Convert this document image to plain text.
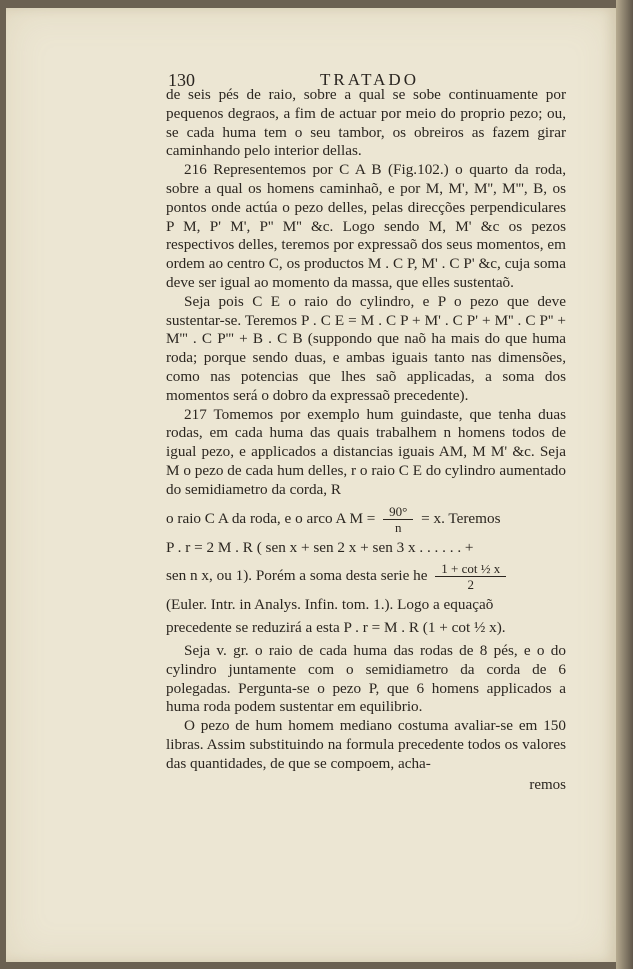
130	TRATADO

de seis pés de raio, sobre a qual se sobe continuamente por pequenos degraos, a fim de actuar por meio do proprio pezo; ou, se cada huma tem o seu tambor, os obreiros as fazem girar caminhando pelo interior dellas.

216 Representemos por C A B (Fig.102.) o quarto da roda, sobre a qual os homens caminhaõ, e por M, M', M'', M''', B, os pontos onde actúa o pezo delles, pelas direcções perpendiculares P M, P' M', P'' M'' &c. Logo sendo M, M' &c os pezos respectivos delles, teremos por expressaõ dos seus momentos, em ordem ao centro C, os productos M . C P, M' . C P' &c, cuja soma deve ser igual ao momento da massa, que elles sustentaõ.

Seja pois C E o raio do cylindro, e P o pezo que deve sustentar-se. Teremos P . C E = M . C P + M' . C P' + M'' . C P'' + M''' . C P''' + B . C B (suppondo que naõ ha mais do que huma roda; porque sendo duas, e ambas iguais tanto nas dimensões, como nas potencias que lhes saõ applicadas, a soma dos momentos será o dobro da expressaõ precedente).

217 Tomemos por exemplo hum guindaste, que tenha duas rodas, em cada huma das quais trabalhem n homens todos de igual pezo, e applicados a distancias iguais AM, M M' &c. Seja M o pezo de cada hum delles, r o raio C E do cylindro aumentado do semidiametro da corda, R

o raio C A da roda, e o arco A $M = \frac{90^\circ}{n} = x$. Teremos
P . r = 2 M . R ( sen x + sen 2 x + sen 3 x . . . . . . +
sen n x, ou 1). Porém a soma desta serie he $\frac{\text{1 + cot ½ x}}{2}$
(Euler. Intr. in Analys. Infin. tom. 1.). Logo a equaçaõ
precedente se reduzirá a esta P . r = M . R (1 + cot ½ x).

Seja v. gr. o raio de cada huma das rodas de 8 pés, e o do cylindro juntamente com o semidiametro da corda de 6 polegadas. Pergunta-se o pezo P, que 6 homens applicados a huma roda podem sustentar em equilibrio.

O pezo de hum homem mediano costuma avaliar-se em 150 libras. Assim substituindo na formula precedente todos os valores das quantidades, de que se compoem, acha-

remos
